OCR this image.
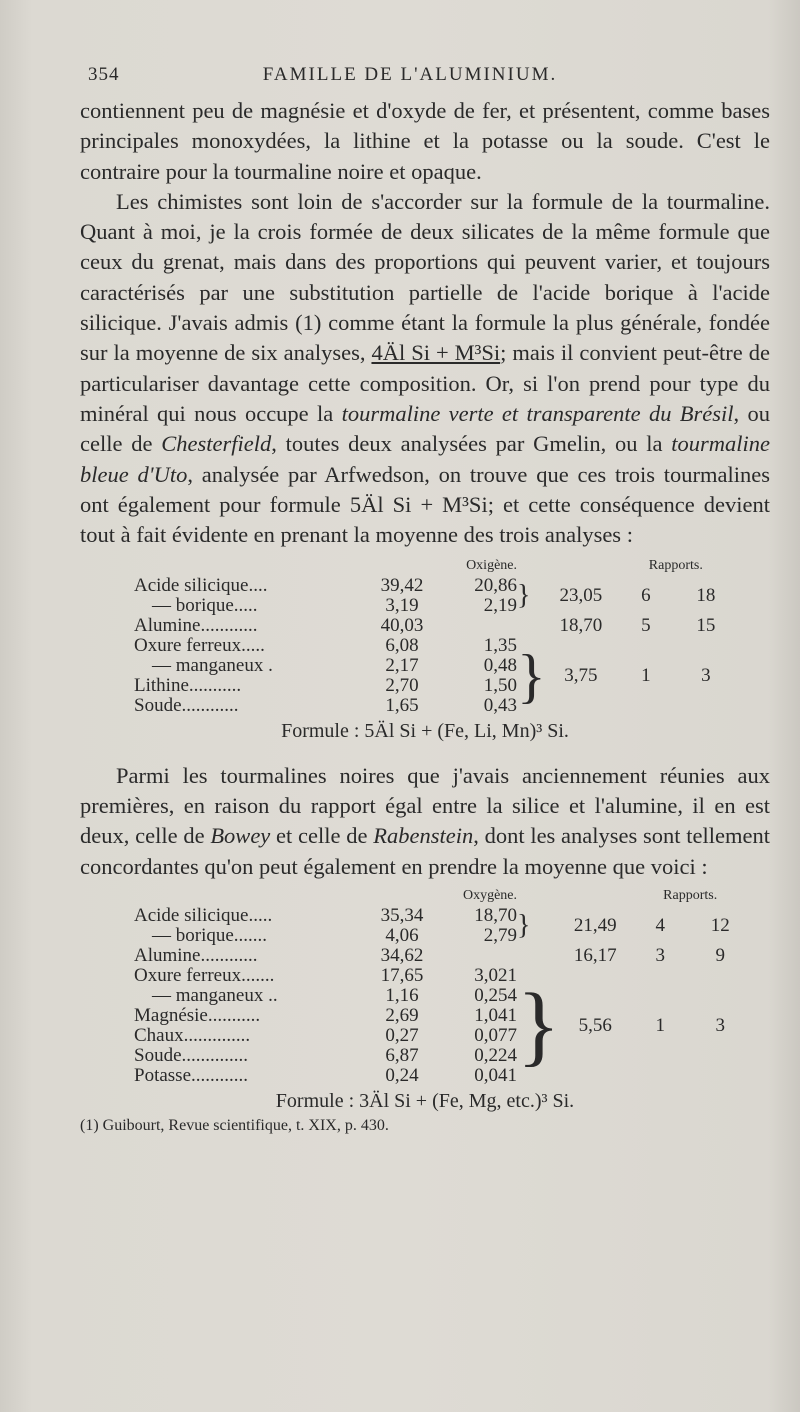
354	FAMILLE DE L'ALUMINIUM.

contiennent peu de magnésie et d'oxyde de fer, et présentent, comme bases principales monoxydées, la lithine et la potasse ou la soude. C'est le contraire pour la tourmaline noire et opaque.

Les chimistes sont loin de s'accorder sur la formule de la tourmaline. Quant à moi, je la crois formée de deux silicates de la même formule que ceux du grenat, mais dans des proportions qui peuvent varier, et toujours caractérisés par une substitution partielle de l'acide borique à l'acide silicique. J'avais admis (1) comme étant la formule la plus générale, fondée sur la moyenne de six analyses, 4Äl Si + M³Si; mais il convient peut-être de particulariser davantage cette composition. Or, si l'on prend pour type du minéral qui nous occupe la tourmaline verte et transparente du Brésil, ou celle de Chesterfield, toutes deux analysées par Gmelin, ou la tourmaline bleue d'Uto, analysée par Arfwedson, on trouve que ces trois tourmalines ont également pour formule 5Äl Si + M³Si; et cette conséquence devient tout à fait évidente en prenant la moyenne des trois analyses :

		Oxigène.			Rapports.	
Acide silicique....	39,42	20,86	}	23,05	6	18
— borique.....	3,19	2,19				
Alumine............	40,03			18,70	5	15
Oxure ferreux.....	6,08	1,35	}	3,75	1	3
— manganeux .	2,17	0,48				
Lithine...........	2,70	1,50				
Soude............	1,65	0,43				

Formule : 5Äl Si + (Fe, Li, Mn)³ Si.

Parmi les tourmalines noires que j'avais anciennement réunies aux premières, en raison du rapport égal entre la silice et l'alumine, il en est deux, celle de Bowey et celle de Rabenstein, dont les analyses sont tellement concordantes qu'on peut également en prendre la moyenne que voici :

		Oxygène.			Rapports.	
Acide silicique.....	35,34	18,70	}	21,49	4	12
— borique.......	4,06	2,79				
Alumine............	34,62			16,17	3	9
Oxure ferreux.......	17,65	3,021	}	5,56	1	3
— manganeux ..	1,16	0,254				
Magnésie...........	2,69	1,041				
Chaux..............	0,27	0,077				
Soude..............	6,87	0,224				
Potasse............	0,24	0,041				

Formule : 3Äl Si + (Fe, Mg, etc.)³ Si.

(1) Guibourt, Revue scientifique, t. XIX, p. 430.
